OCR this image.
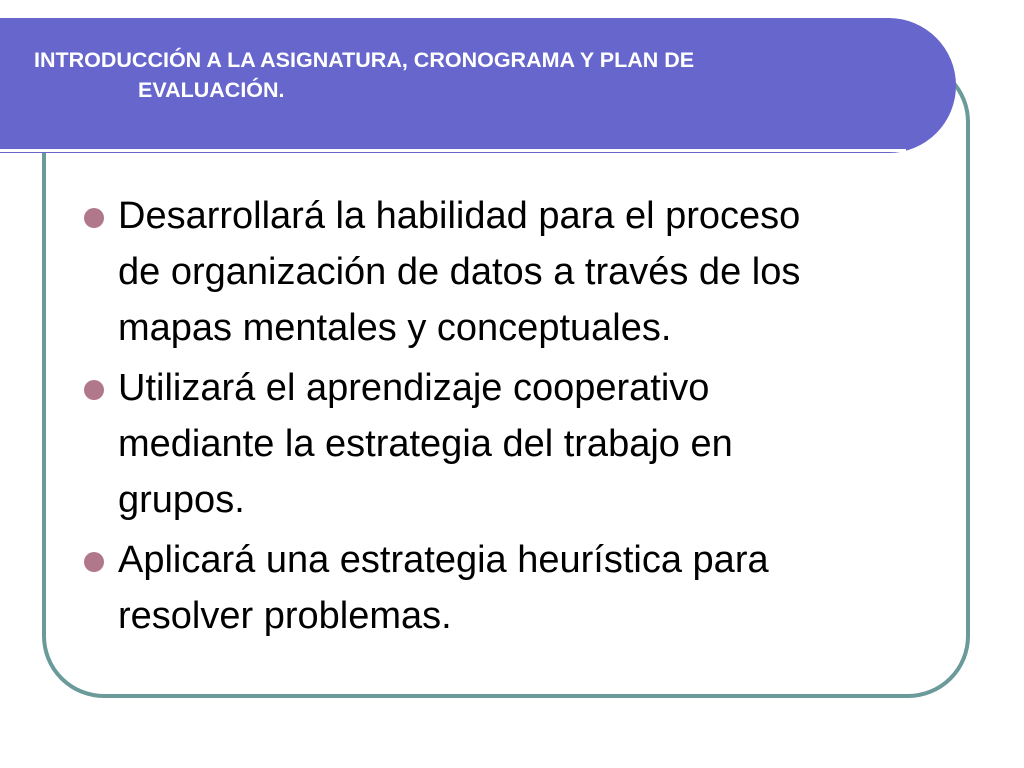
INTRODUCCIÓN A LA ASIGNATURA, CRONOGRAMA Y PLAN DE
EVALUACIÓN.
Desarrollará la habilidad para el proceso
de organización de datos a través de los
mapas mentales y conceptuales.
Utilizará el aprendizaje cooperativo
mediante la estrategia del trabajo en
grupos.
Aplicará una estrategia heurística para
resolver problemas.
